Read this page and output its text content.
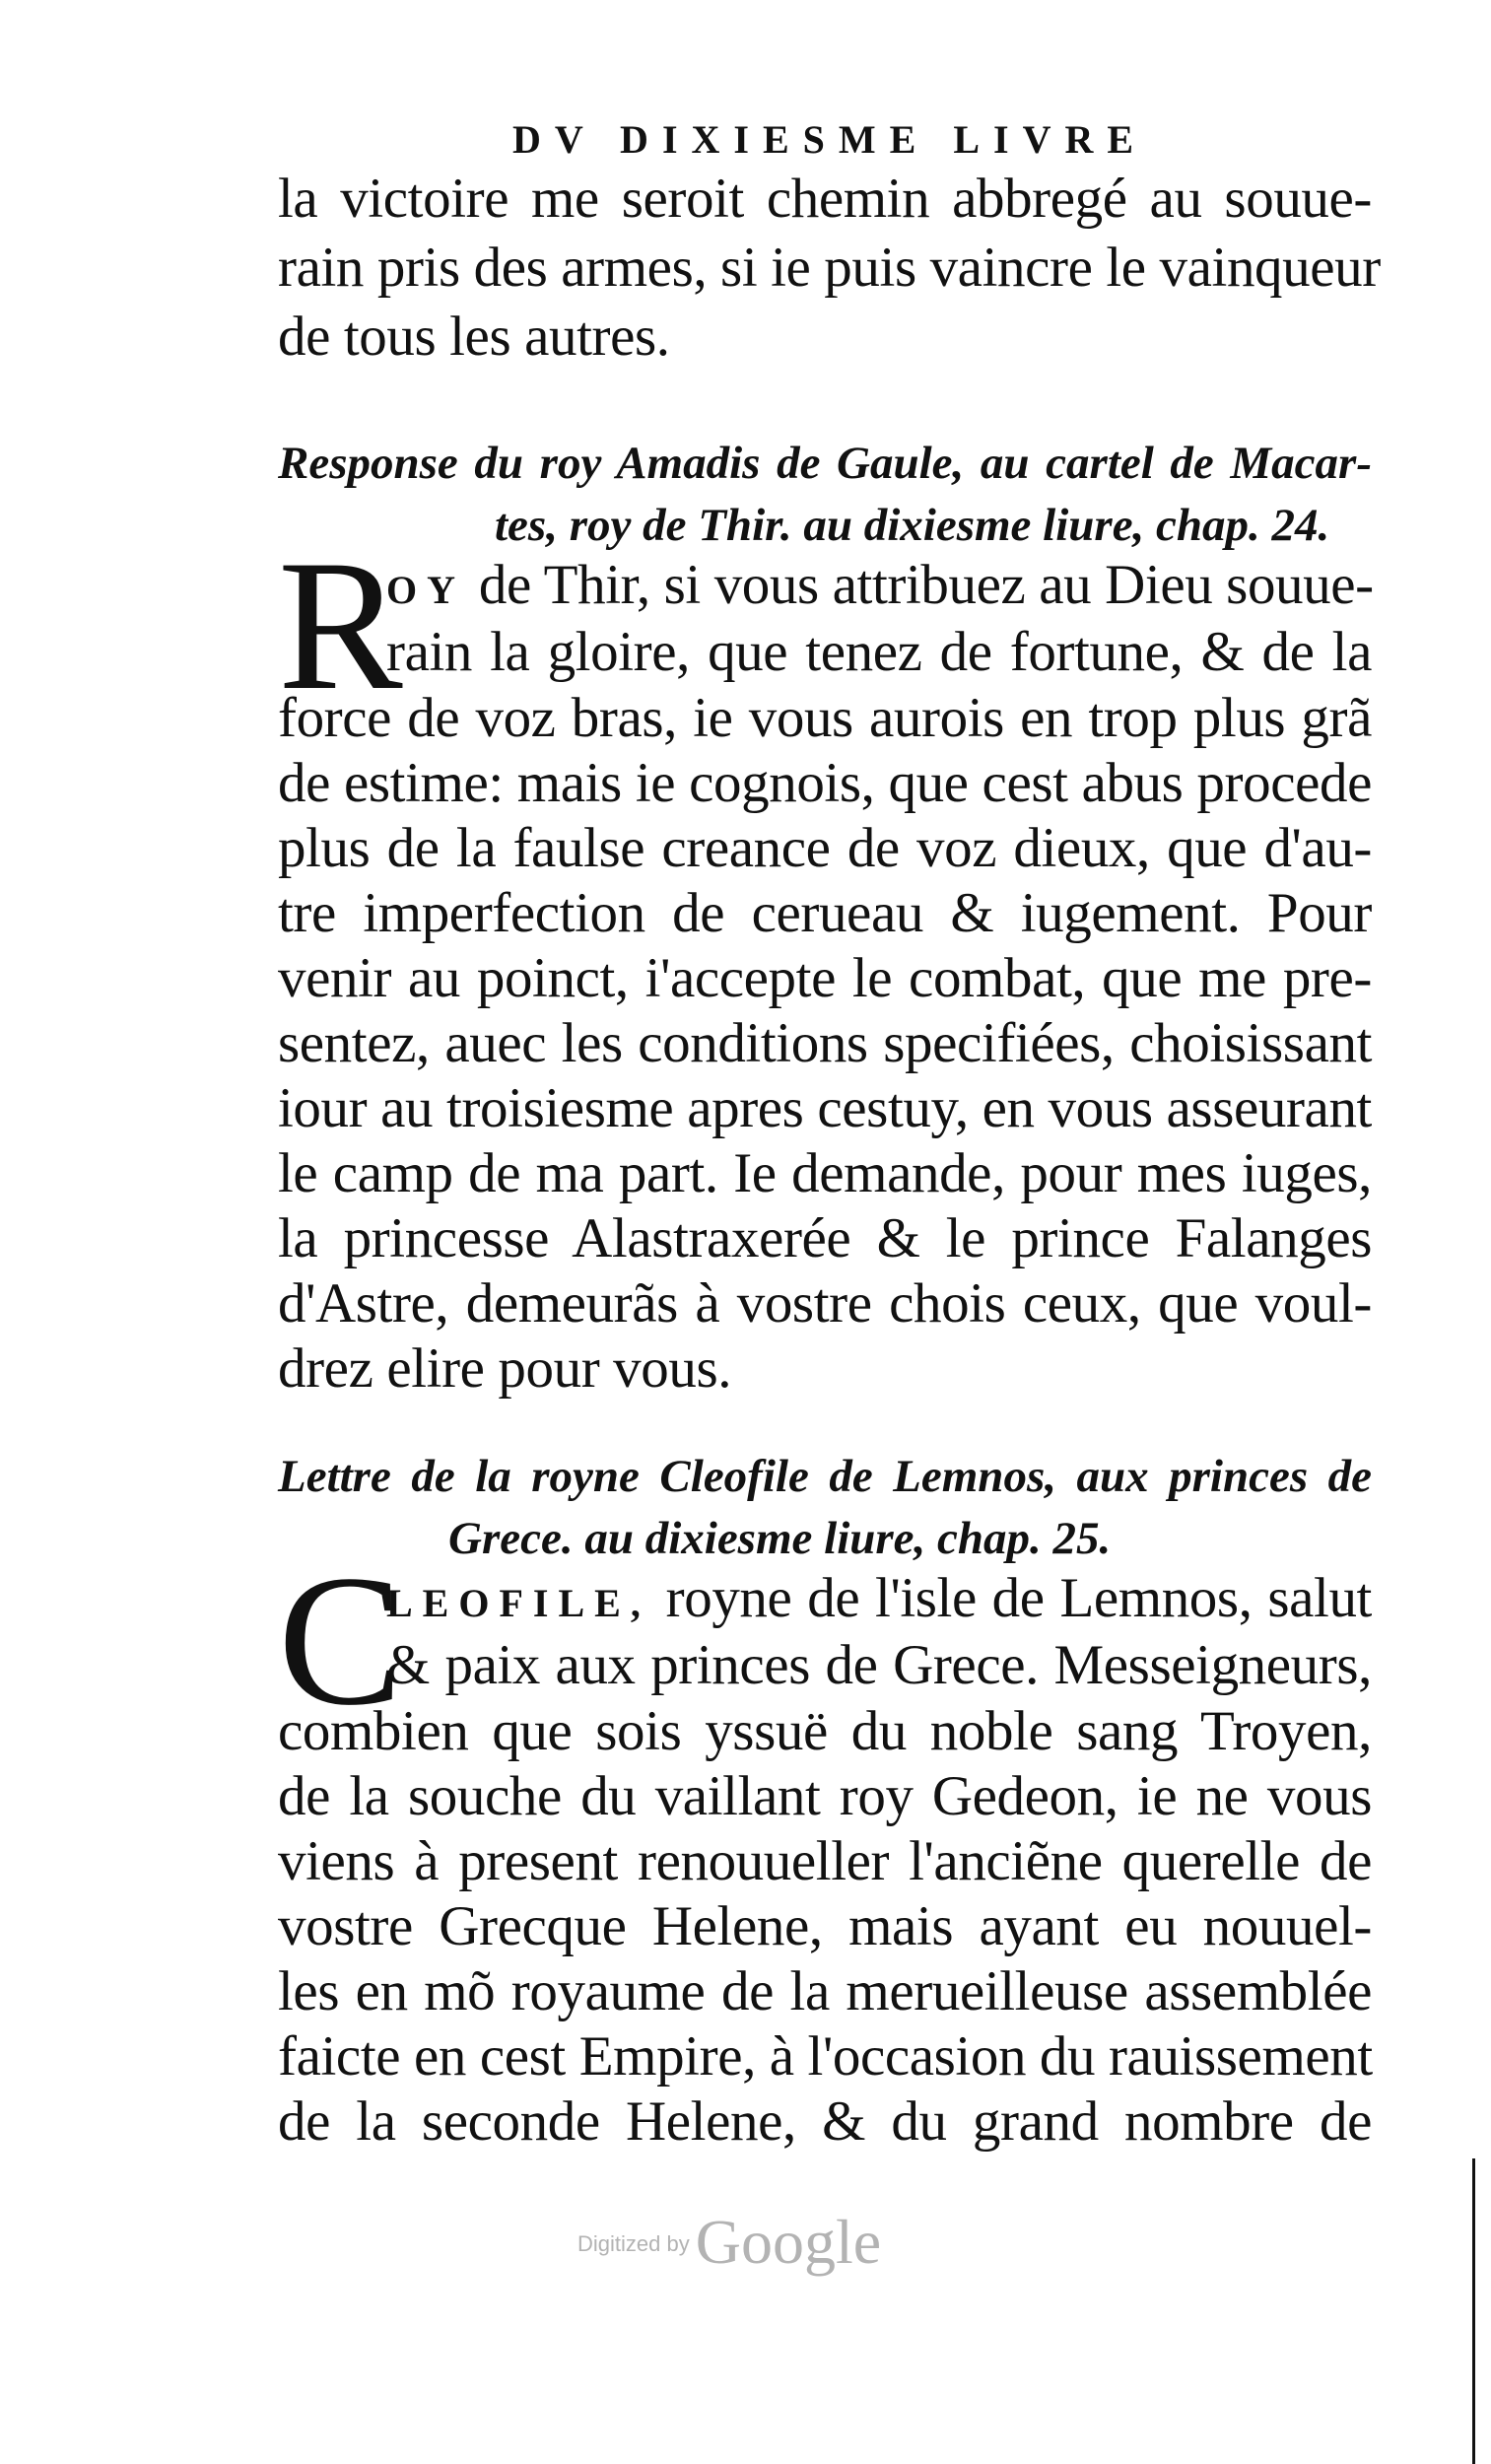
DV DIXIESME LIVRE
la victoire me seroit chemin abbregé au souue-
rain pris des armes, si ie puis vaincre le vainqueur
de tous les autres.
Response du roy Amadis de Gaule, au cartel de Macar-
tes, roy de Thir. au dixiesme liure, chap. 24.
R
OY de Thir, si vous attribuez au Dieu souue-
rain la gloire, que tenez de fortune, & de la
force de voz bras, ie vous aurois en trop plus grã
de estime: mais ie cognois, que cest abus procede
plus de la faulse creance de voz dieux, que d'au-
tre imperfection de cerueau & iugement. Pour
venir au poinct, i'accepte le combat, que me pre-
sentez, auec les conditions specifiées, choisissant
iour au troisiesme apres cestuy, en vous asseurant
le camp de ma part. Ie demande, pour mes iuges,
la princesse Alastraxerée & le prince Falanges
d'Astre, demeurãs à vostre chois ceux, que voul-
drez elire pour vous.
Lettre de la royne Cleofile de Lemnos, aux princes de
Grece. au dixiesme liure, chap. 25.
C
LEOFILE, royne de l'isle de Lemnos, salut
& paix aux princes de Grece. Messeigneurs,
combien que sois yssuë du noble sang Troyen,
de la souche du vaillant roy Gedeon, ie ne vous
viens à present renouueller l'anciẽne querelle de
vostre Grecque Helene, mais ayant eu nouuel-
les en mõ royaume de la merueilleuse assemblée
faicte en cest Empire, à l'occasion du rauissement
de la seconde Helene, & du grand nombre de
Digitized byGoogle
